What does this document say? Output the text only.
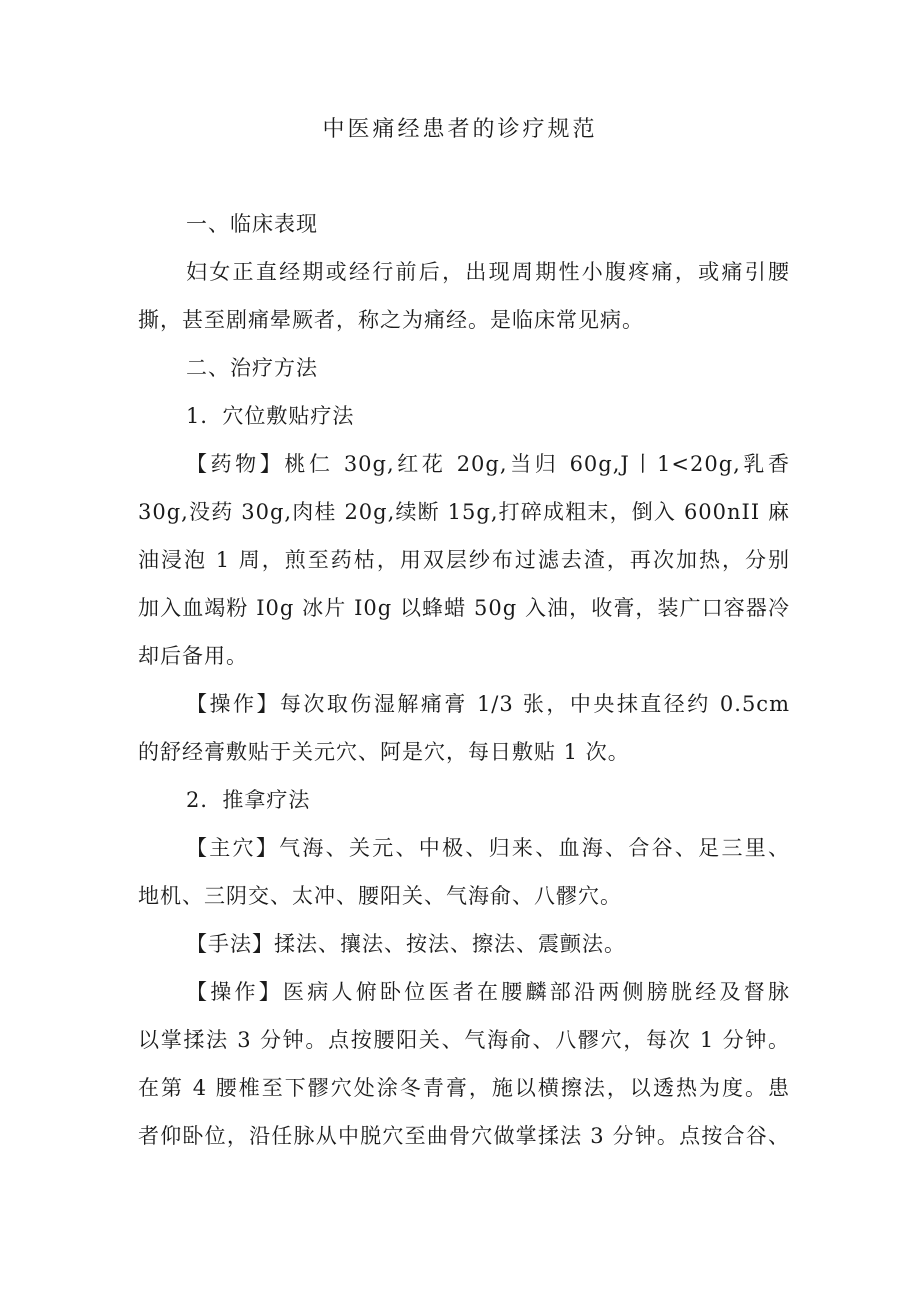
中医痛经患者的诊疗规范

一、临床表现

妇女正直经期或经行前后，出现周期性小腹疼痛，或痛引腰

撕，甚至剧痛晕厥者，称之为痛经。是临床常见病。

二、治疗方法

1．穴位敷贴疗法

【药物】桃仁 30g,红花 20g,当归 60g,J丨1<20g,乳香

30g,没药 30g,肉桂 20g,续断 15g,打碎成粗末，倒入 600nII 麻

油浸泡 1 周，煎至药枯，用双层纱布过滤去渣，再次加热，分别

加入血竭粉 I0g 冰片 I0g 以蜂蜡 50g 入油，收膏，装广口容器冷

却后备用。

【操作】每次取伤湿解痛膏 1/3 张，中央抹直径约 0.5cm

的舒经膏敷贴于关元穴、阿是穴，每日敷贴 1 次。

2．推拿疗法

【主穴】气海、关元、中极、归来、血海、合谷、足三里、

地机、三阴交、太冲、腰阳关、气海俞、八髎穴。

【手法】揉法、攘法、按法、擦法、震颤法。

【操作】医病人俯卧位医者在腰麟部沿两侧膀胱经及督脉

以掌揉法 3 分钟。点按腰阳关、气海俞、八髎穴，每次 1 分钟。

在第 4 腰椎至下髎穴处涂冬青膏，施以横擦法，以透热为度。患

者仰卧位，沿任脉从中脱穴至曲骨穴做掌揉法 3 分钟。点按合谷、
